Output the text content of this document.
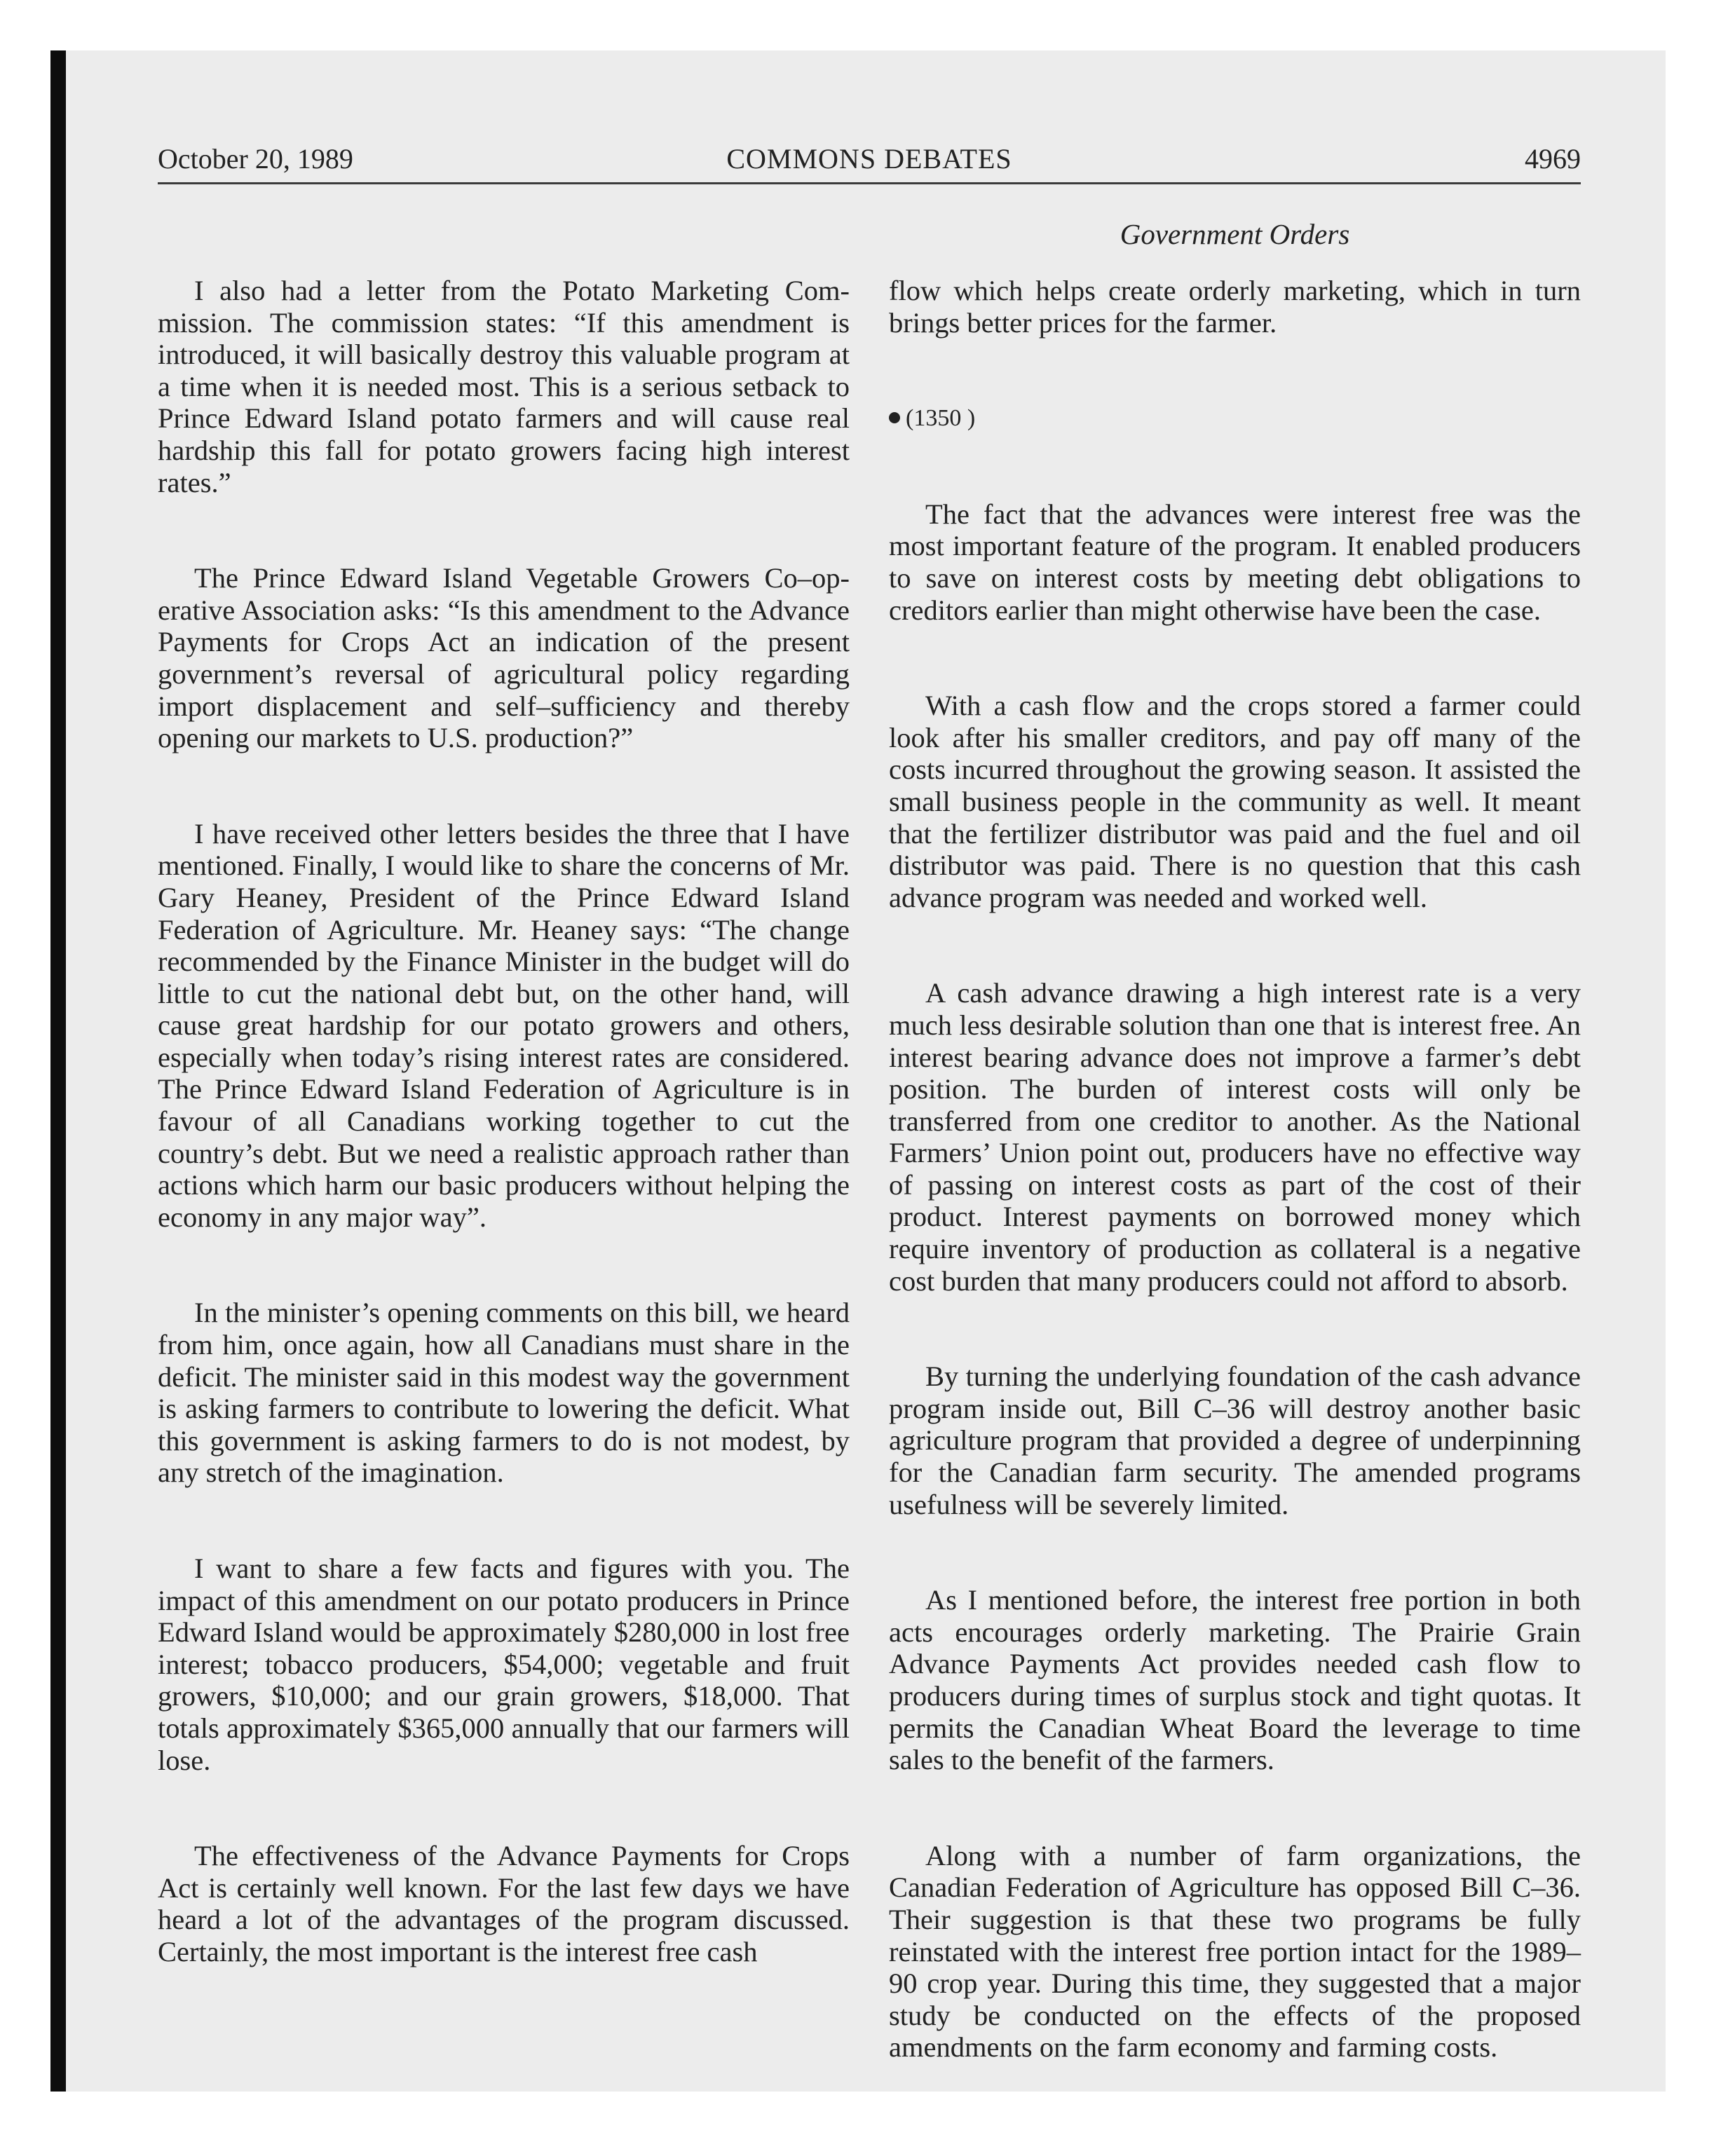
October 20, 1989	COMMONS DEBATES	4969
Government Orders

I also had a letter from the Potato Marketing Commission. The commission states: “If this amendment is introduced, it will basically destroy this valuable program at a time when it is needed most. This is a serious setback to Prince Edward Island potato farmers and will cause real hardship this fall for potato growers facing high interest rates.”

The Prince Edward Island Vegetable Growers Co–operative Association asks: “Is this amendment to the Advance Payments for Crops Act an indication of the present government’s reversal of agricultural policy regarding import displacement and self–sufficiency and thereby opening our markets to U.S. production?”

I have received other letters besides the three that I have mentioned. Finally, I would like to share the concerns of Mr. Gary Heaney, President of the Prince Edward Island Federation of Agriculture. Mr. Heaney says: “The change recommended by the Finance Minister in the budget will do little to cut the national debt but, on the other hand, will cause great hardship for our potato growers and others, especially when today’s rising interest rates are considered. The Prince Edward Island Federation of Agriculture is in favour of all Canadians working together to cut the country’s debt. But we need a realistic approach rather than actions which harm our basic producers without helping the economy in any major way”.

In the minister’s opening comments on this bill, we heard from him, once again, how all Canadians must share in the deficit. The minister said in this modest way the government is asking farmers to contribute to lowering the deficit. What this government is asking farmers to do is not modest, by any stretch of the imagination.

I want to share a few facts and figures with you. The impact of this amendment on our potato producers in Prince Edward Island would be approximately $280,000 in lost free interest; tobacco producers, $54,000; vegetable and fruit growers, $10,000; and our grain growers, $18,000. That totals approximately $365,000 annually that our farmers will lose.

The effectiveness of the Advance Payments for Crops Act is certainly well known. For the last few days we have heard a lot of the advantages of the program discussed. Certainly, the most important is the interest free cash

flow which helps create orderly marketing, which in turn brings better prices for the farmer.

(1350 )

The fact that the advances were interest free was the most important feature of the program. It enabled producers to save on interest costs by meeting debt obligations to creditors earlier than might otherwise have been the case.

With a cash flow and the crops stored a farmer could look after his smaller creditors, and pay off many of the costs incurred throughout the growing season. It assisted the small business people in the community as well. It meant that the fertilizer distributor was paid and the fuel and oil distributor was paid. There is no question that this cash advance program was needed and worked well.

A cash advance drawing a high interest rate is a very much less desirable solution than one that is interest free. An interest bearing advance does not improve a farmer’s debt position. The burden of interest costs will only be transferred from one creditor to another. As the National Farmers’ Union point out, producers have no effective way of passing on interest costs as part of the cost of their product. Interest payments on borrowed money which require inventory of production as collateral is a negative cost burden that many producers could not afford to absorb.

By turning the underlying foundation of the cash advance program inside out, Bill C–36 will destroy another basic agriculture program that provided a degree of underpinning for the Canadian farm security. The amended programs usefulness will be severely limited.

As I mentioned before, the interest free portion in both acts encourages orderly marketing. The Prairie Grain Advance Payments Act provides needed cash flow to producers during times of surplus stock and tight quotas. It permits the Canadian Wheat Board the leverage to time sales to the benefit of the farmers.

Along with a number of farm organizations, the Canadian Federation of Agriculture has opposed Bill C–36. Their suggestion is that these two programs be fully reinstated with the interest free portion intact for the 1989–90 crop year. During this time, they suggested that a major study be conducted on the effects of the proposed amendments on the farm economy and farming costs.
